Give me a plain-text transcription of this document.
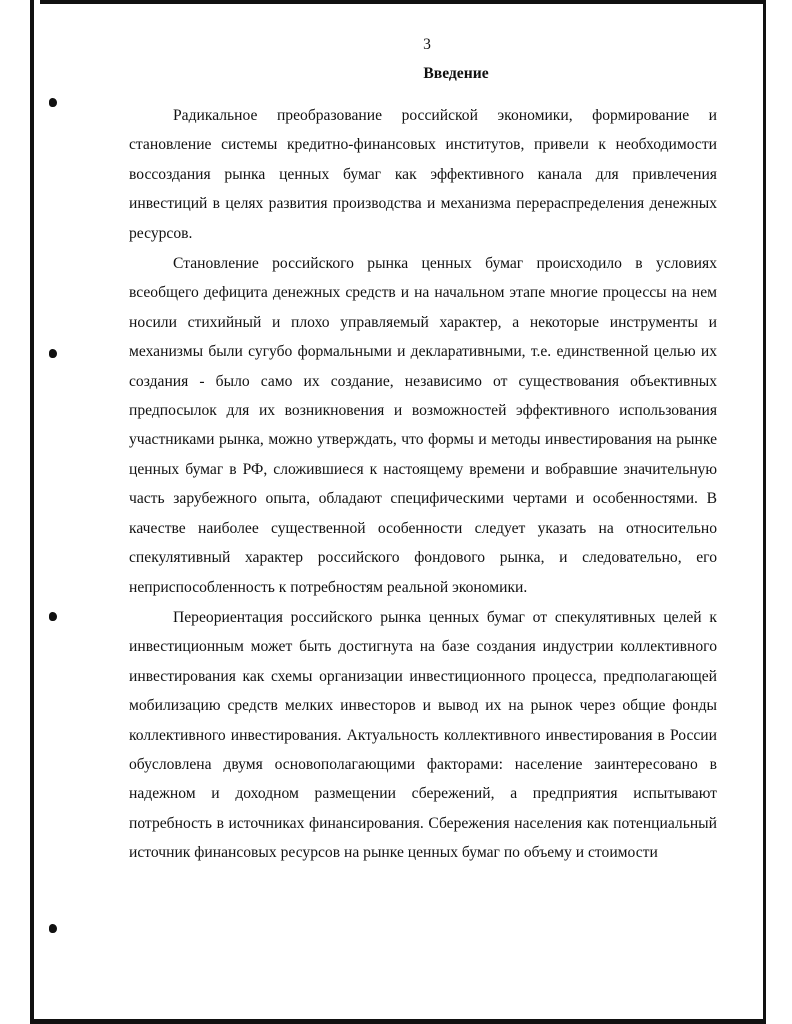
3
Введение

Радикальное преобразование российской экономики, формирование и становление системы кредитно-финансовых институтов, привели к необходимости воссоздания рынка ценных бумаг как эффективного канала для привлечения инвестиций в целях развития производства и механизма перераспределения денежных ресурсов.

Становление российского рынка ценных бумаг происходило в условиях всеобщего дефицита денежных средств и на начальном этапе многие процессы на нем носили стихийный и плохо управляемый характер, а некоторые инструменты и механизмы были сугубо формальными и декларативными, т.е. единственной целью их создания - было само их создание, независимо от существования объективных предпосылок для их возникновения и возможностей эффективного использования участниками рынка, можно утверждать, что формы и методы инвестирования на рынке ценных бумаг в РФ, сложившиеся к настоящему времени и вобравшие значительную часть зарубежного опыта, обладают специфическими чертами и особенностями. В качестве наиболее существенной особенности следует указать на относительно спекулятивный характер российского фондового рынка, и следовательно, его неприспособленность к потребностям реальной экономики.

Переориентация российского рынка ценных бумаг от спекулятивных целей к инвестиционным может быть достигнута на базе создания индустрии коллективного инвестирования как схемы организации инвестиционного процесса, предполагающей мобилизацию средств мелких инвесторов и вывод их на рынок через общие фонды коллективного инвестирования. Актуальность коллективного инвестирования в России обусловлена двумя основополагающими факторами: население заинтересовано в надежном и доходном размещении сбережений, а предприятия испытывают потребность в источниках финансирования. Сбережения населения как потенциальный источник финансовых ресурсов на рынке ценных бумаг по объему и стоимости
